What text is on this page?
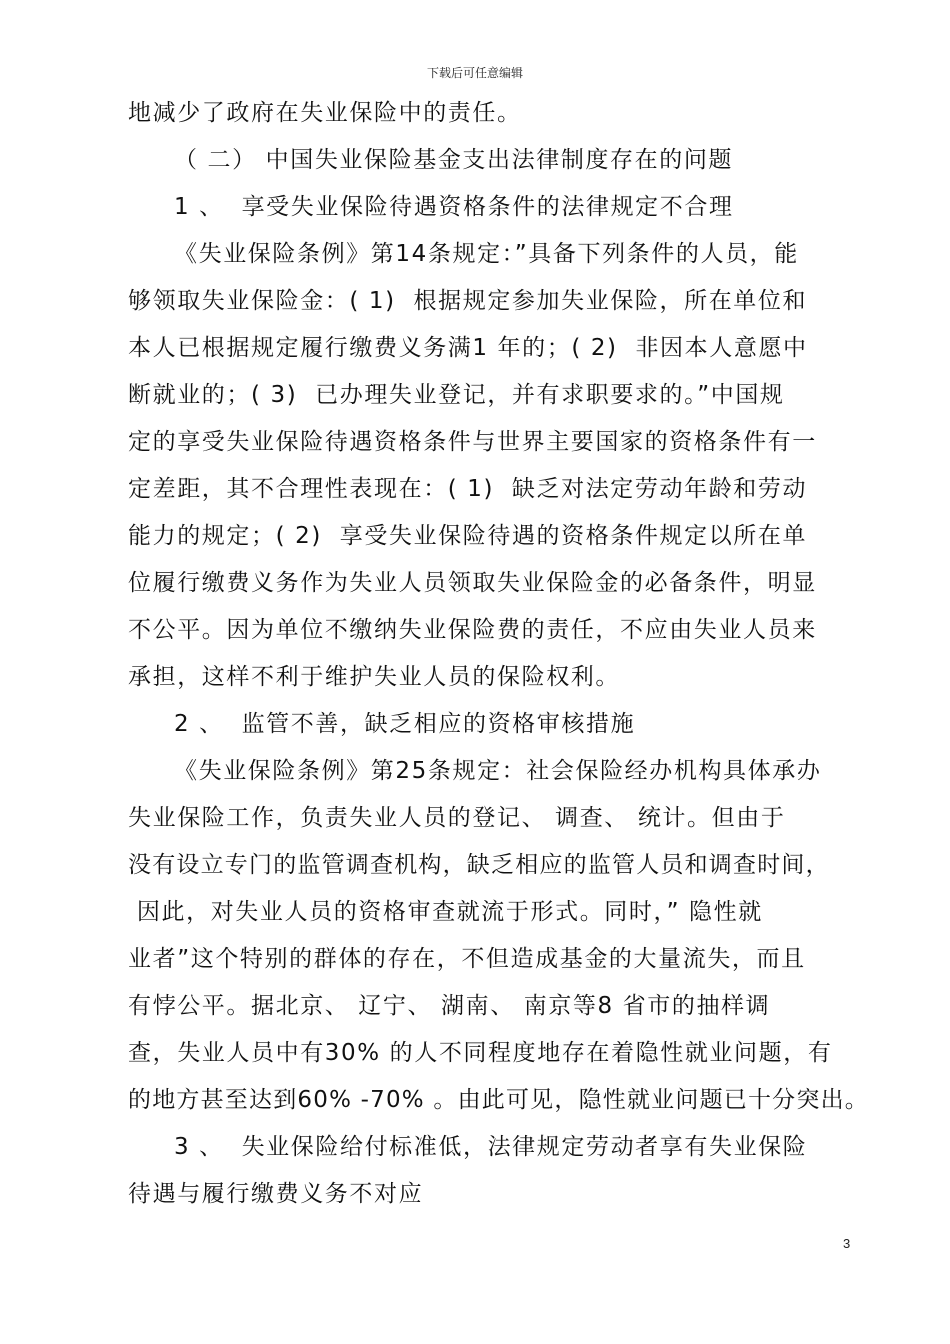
下载后可任意编辑
地减少了政府在失业保险中的责任。
（ 二） 中国失业保险基金支出法律制度存在的问题
1 、  享受失业保险待遇资格条件的法律规定不合理
《失业保险条例》第14条规定：”具备下列条件的人员，能
够领取失业保险金：( 1)  根据规定参加失业保险，所在单位和
本人已根据规定履行缴费义务满1 年的；( 2)  非因本人意愿中
断就业的；( 3)  已办理失业登记，并有求职要求的。”中国规
定的享受失业保险待遇资格条件与世界主要国家的资格条件有一
定差距，其不合理性表现在：( 1)  缺乏对法定劳动年龄和劳动
能力的规定；( 2)  享受失业保险待遇的资格条件规定以所在单
位履行缴费义务作为失业人员领取失业保险金的必备条件，明显
不公平。因为单位不缴纳失业保险费的责任，不应由失业人员来
承担，这样不利于维护失业人员的保险权利。
2 、  监管不善，缺乏相应的资格审核措施
《失业保险条例》第25条规定：社会保险经办机构具体承办
失业保险工作，负责失业人员的登记、 调查、 统计。但由于
没有设立专门的监管调查机构，缺乏相应的监管人员和调查时间，
因此，对失业人员的资格审查就流于形式。同时，” 隐性就
业者”这个特别的群体的存在，不但造成基金的大量流失，而且
有悖公平。据北京、 辽宁、 湖南、 南京等8 省市的抽样调
查，失业人员中有30% 的人不同程度地存在着隐性就业问题，有
的地方甚至达到60% -70% 。由此可见，隐性就业问题已十分突出。
3 、  失业保险给付标准低，法律规定劳动者享有失业保险
待遇与履行缴费义务不对应
3
